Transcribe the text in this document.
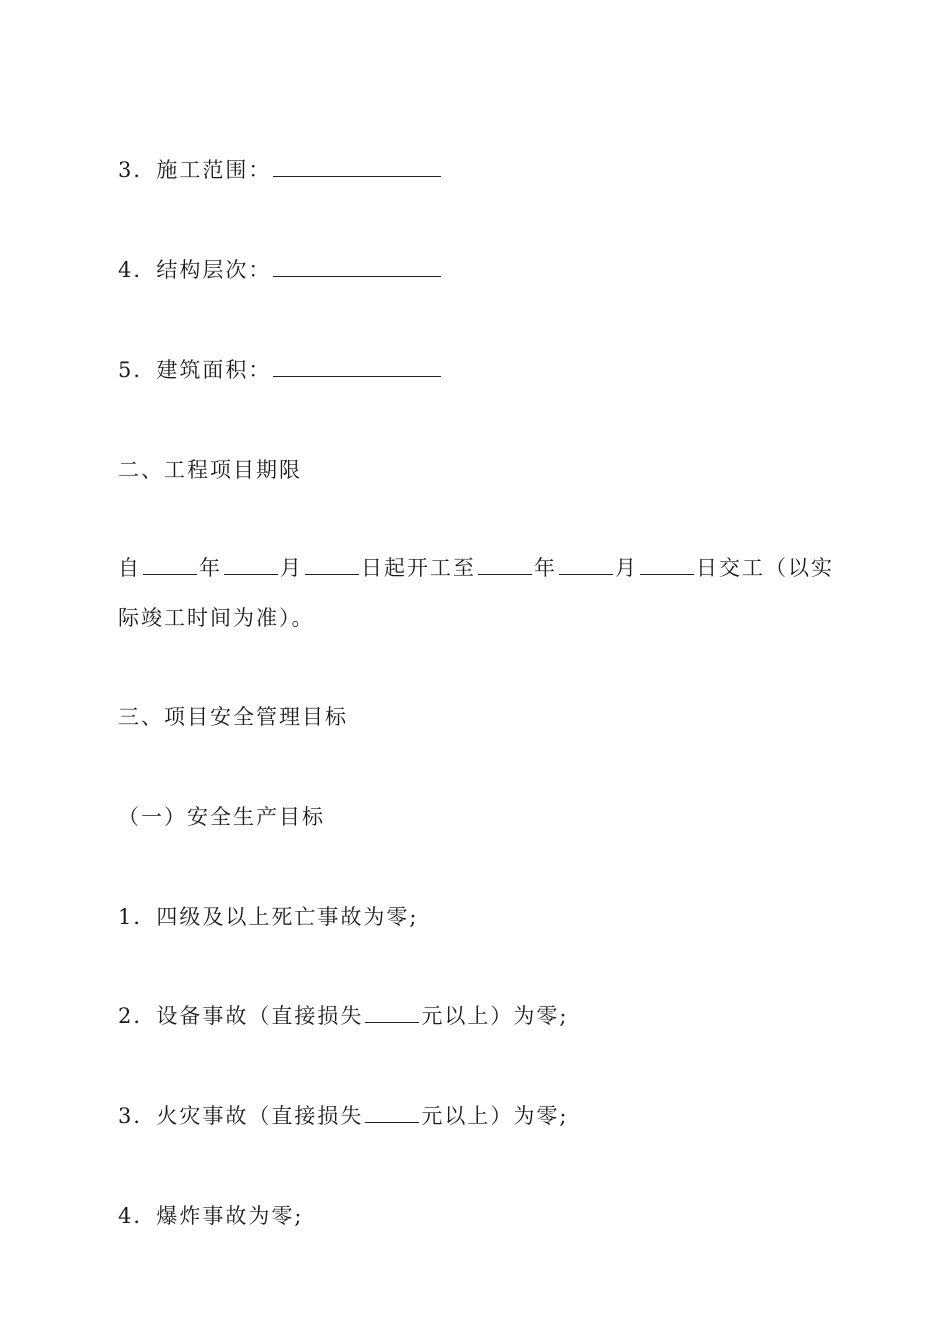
3．施工范围：
4．结构层次：
5．建筑面积：
二、工程项目期限
自	年	月	日起开工至	年	月	日交工（以实
际竣工时间为准）。
三、项目安全管理目标
（一）安全生产目标
1．四级及以上死亡事故为零;
2．设备事故（直接损失	元以上）为零;
3．火灾事故（直接损失	元以上）为零;
4．爆炸事故为零;
